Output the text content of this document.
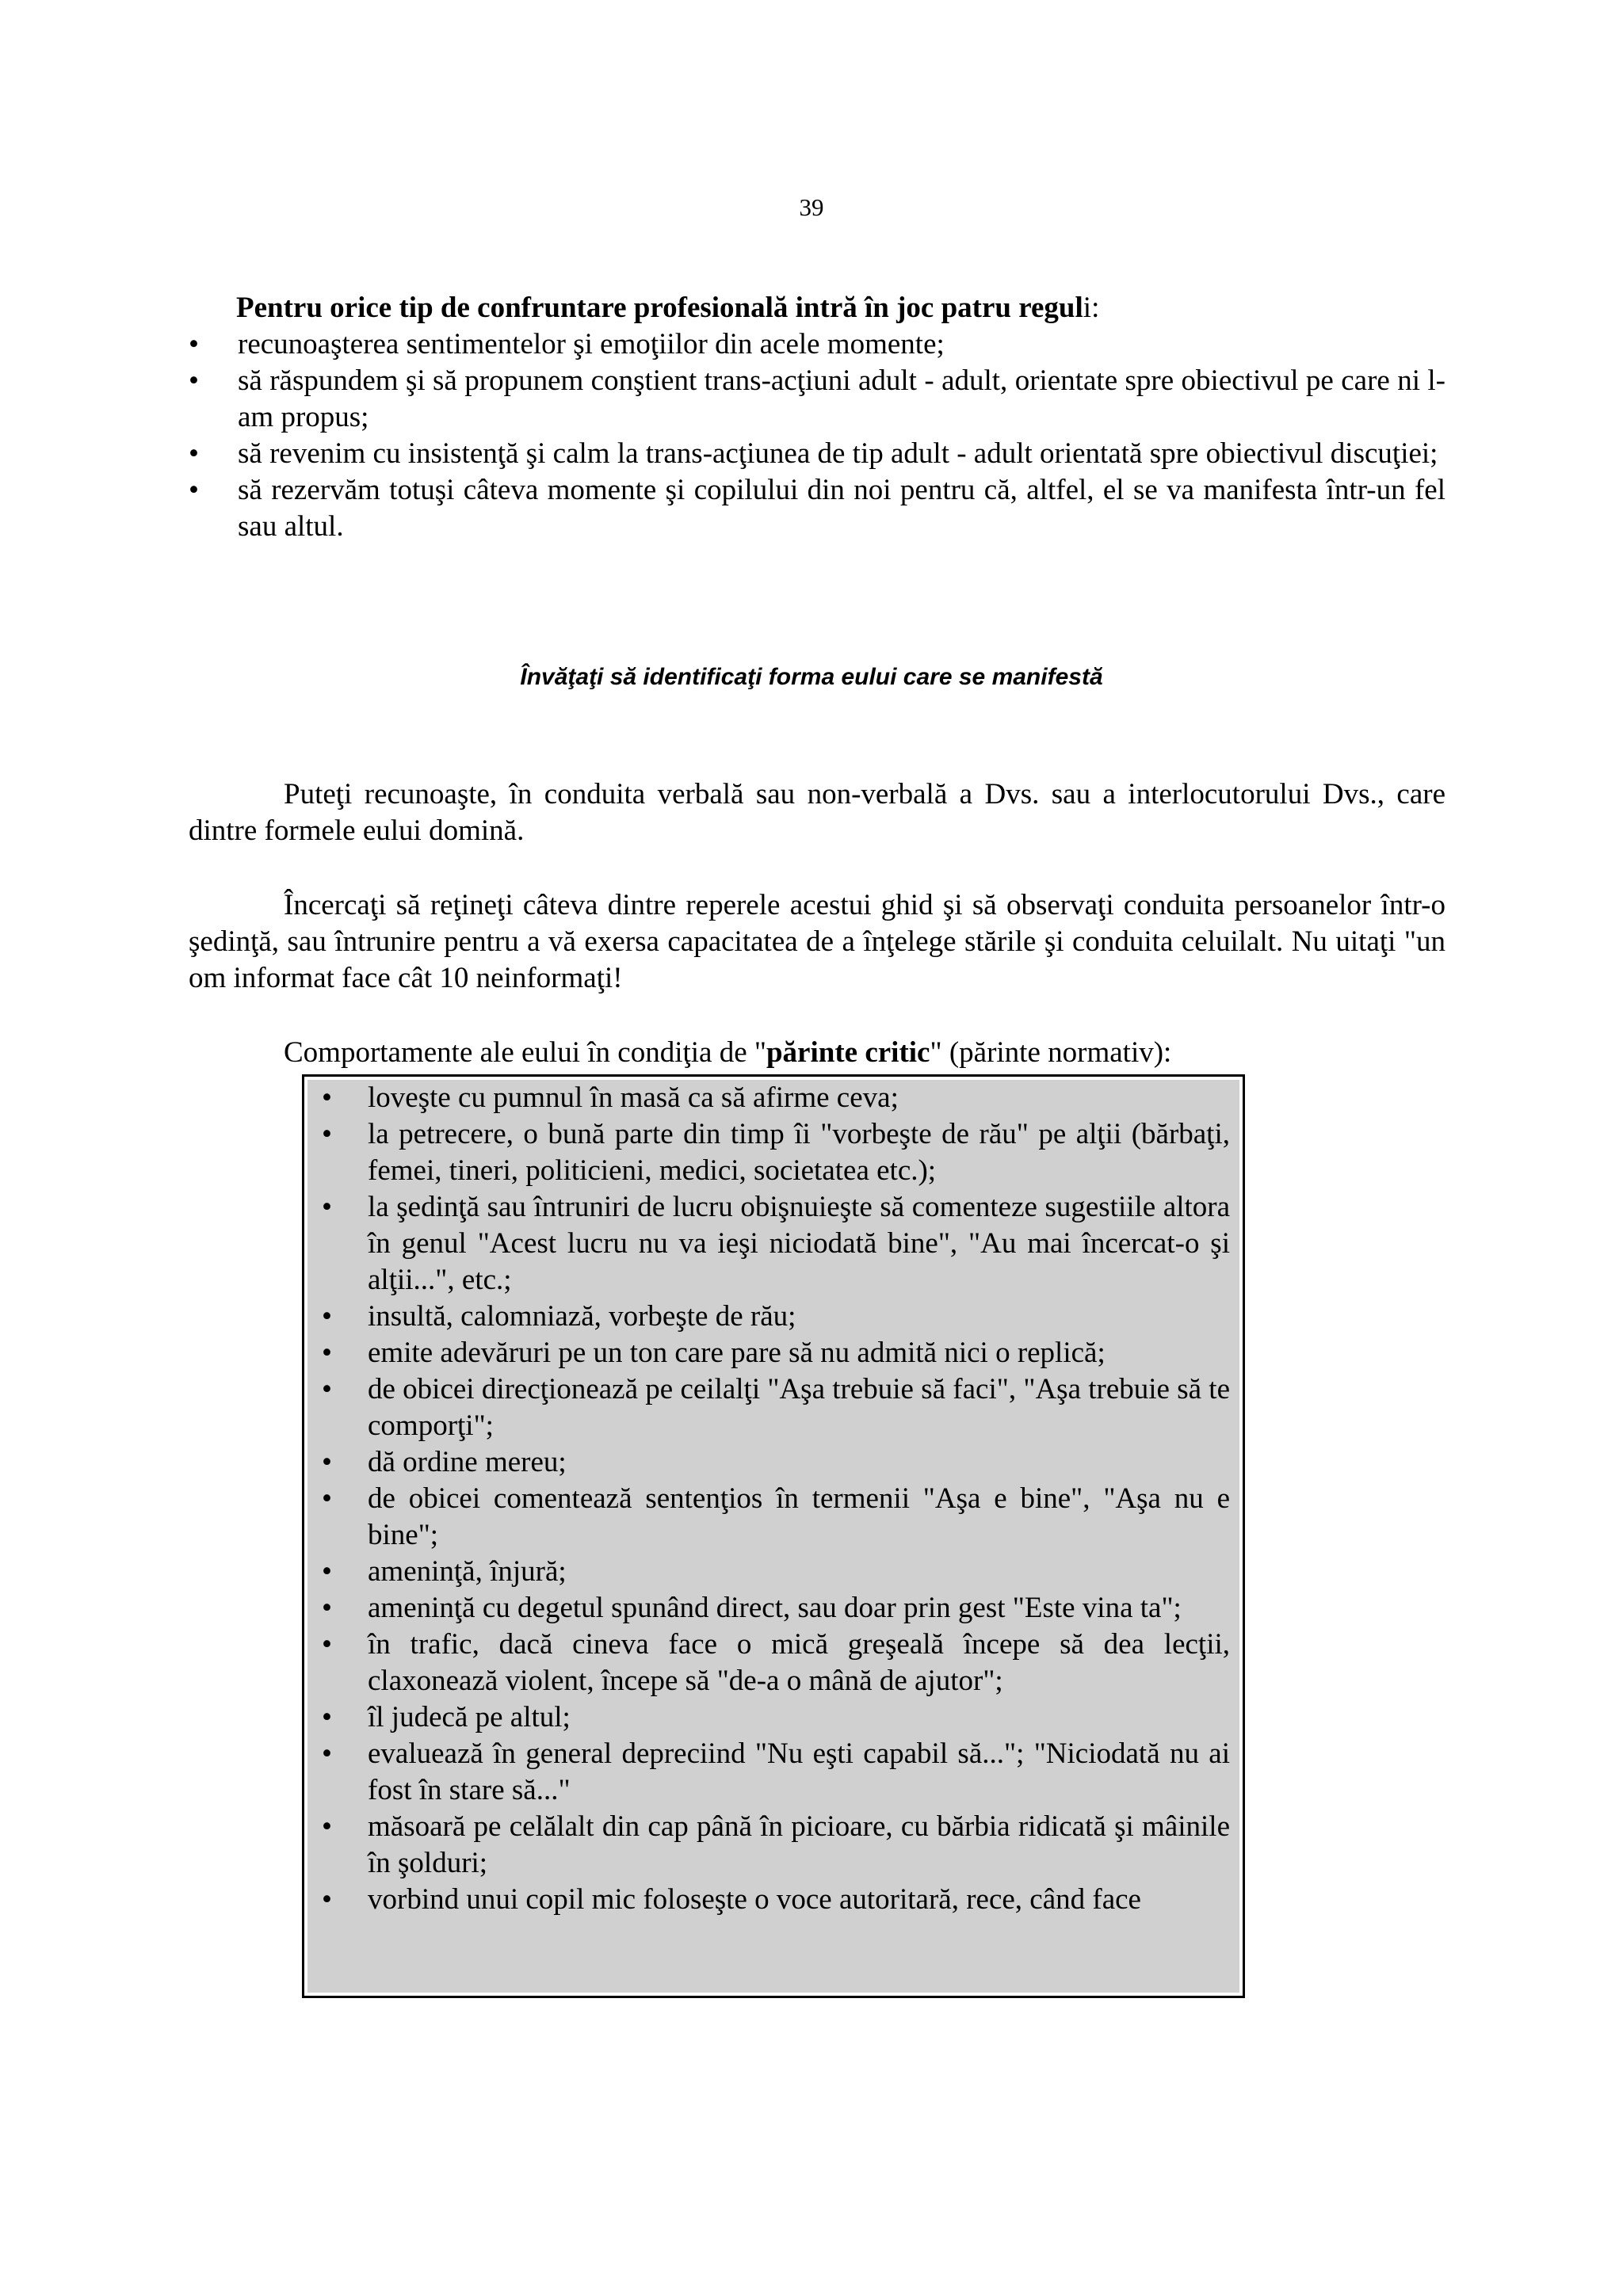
39

Pentru orice tip de confruntare profesională intră în joc patru reguli:

• recunoaşterea sentimentelor şi emoţiilor din acele momente;
• să răspundem şi să propunem conştient trans-acţiuni adult - adult, orientate spre obiectivul pe care ni l-am propus;
• să revenim cu insistenţă şi calm la trans-acţiunea de tip adult - adult orientată spre obiectivul discuţiei;
• să rezervăm totuşi câteva momente şi copilului din noi pentru că, altfel, el se va manifesta într-un fel sau altul.
Învăţaţi să identificaţi forma eului care se manifestă

Puteţi recunoaşte, în conduita verbală sau non-verbală a Dvs. sau a interlocutorului Dvs., care dintre formele eului domină.

Încercaţi să reţineţi câteva dintre reperele acestui ghid şi să observaţi conduita persoanelor într-o şedinţă, sau întrunire pentru a vă exersa capacitatea de a înţelege stările şi conduita celuilalt. Nu uitaţi "un om informat face cât 10 neinformaţi!

Comportamente ale eului în condiţia de "părinte critic" (părinte normativ):
• loveşte cu pumnul în masă ca să afirme ceva;
• la petrecere, o bună parte din timp îi "vorbeşte de rău" pe alţii (bărbaţi, femei, tineri, politicieni, medici, societatea etc.);
• la şedinţă sau întruniri de lucru obişnuieşte să comenteze sugestiile altora în genul "Acest lucru nu va ieşi niciodată bine", "Au mai încercat-o şi alţii...", etc.;
• insultă, calomniază, vorbeşte de rău;
• emite adevăruri pe un ton care pare să nu admită nici o replică;
• de obicei direcţionează pe ceilalţi "Aşa trebuie să faci", "Aşa trebuie să te comporţi";
• dă ordine mereu;
• de obicei comentează sentenţios în termenii "Aşa e bine", "Aşa nu e bine";
• ameninţă, înjură;
• ameninţă cu degetul spunând direct, sau doar prin gest "Este vina ta";
• în trafic, dacă cineva face o mică greşeală începe să dea lecţii, claxonează violent, începe să "de-a o mână de ajutor";
• îl judecă pe altul;
• evaluează în general depreciind "Nu eşti capabil să..."; "Niciodată nu ai fost în stare să..."
• măsoară pe celălalt din cap până în picioare, cu bărbia ridicată şi mâinile în şolduri;
• vorbind unui copil mic foloseşte o voce autoritară, rece, când face
